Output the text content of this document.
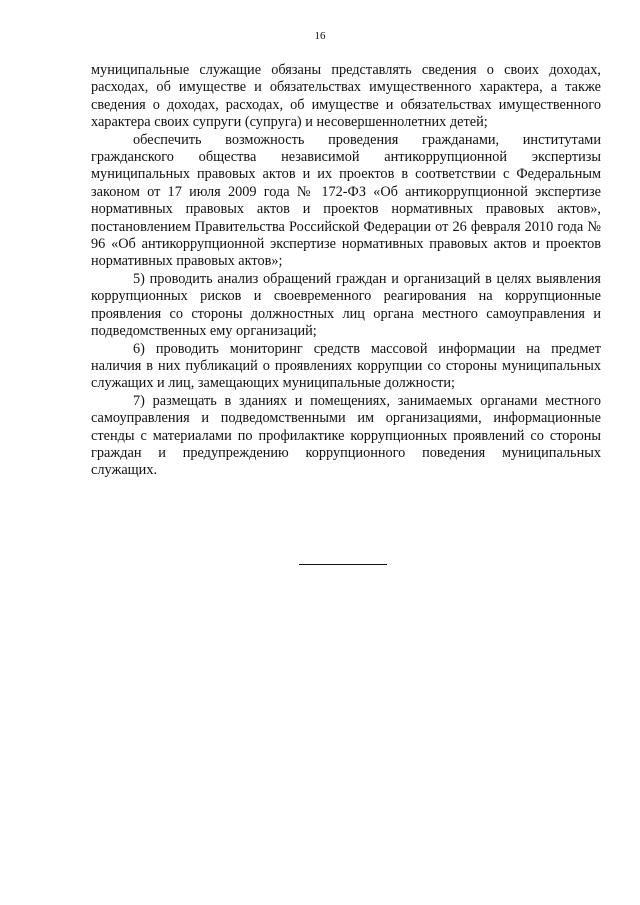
16

муниципальные служащие обязаны представлять сведения о своих доходах, расходах, об имуществе и обязательствах имущественного характера, а также сведения о доходах, расходах, об имуществе и обязательствах имущественного характера своих супруги (супруга) и несовершеннолетних детей;

обеспечить возможность проведения гражданами, институтами гражданского общества независимой антикоррупционной экспертизы муниципальных правовых актов и их проектов в соответствии с Федеральным законом от 17 июля 2009 года № 172-ФЗ «Об антикоррупционной экспертизе нормативных правовых актов и проектов нормативных правовых актов», постановлением Правительства Российской Федерации от 26 февраля 2010 года № 96 «Об антикоррупционной экспертизе нормативных правовых актов и проектов нормативных правовых актов»;

5) проводить анализ обращений граждан и организаций в целях выявления коррупционных рисков и своевременного реагирования на коррупционные проявления со стороны должностных лиц органа местного самоуправления и подведомственных ему организаций;

6) проводить мониторинг средств массовой информации на предмет наличия в них публикаций о проявлениях коррупции со стороны муниципальных служащих и лиц, замещающих муниципальные должности;

7) размещать в зданиях и помещениях, занимаемых органами местного самоуправления и подведомственными им организациями, информационные стенды с материалами по профилактике коррупционных проявлений со стороны граждан и предупреждению коррупционного поведения муниципальных служащих.
